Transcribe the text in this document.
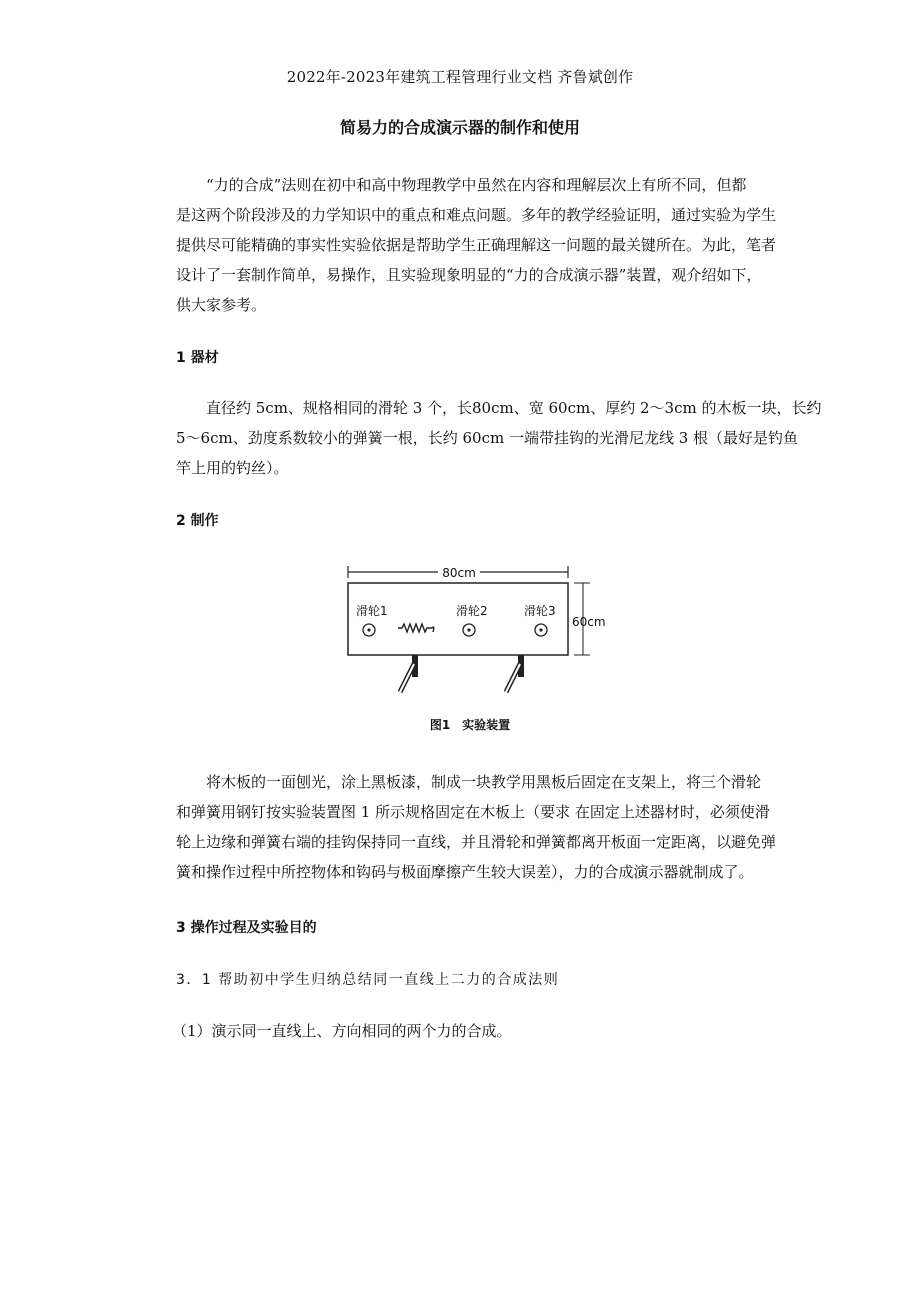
2022年-2023年建筑工程管理行业文档 齐鲁斌创作
简易力的合成演示器的制作和使用
“力的合成”法则在初中和高中物理教学中虽然在内容和理解层次上有所不同，但都
是这两个阶段涉及的力学知识中的重点和难点问题。多年的教学经验证明，通过实验为学生
提供尽可能精确的事实性实验依据是帮助学生正确理解这一问题的最关键所在。为此，笔者
设计了一套制作简单，易操作，且实验现象明显的“力的合成演示器”装置，观介绍如下，
供大家参考。
1 器材
直径约 5cm、规格相同的滑轮 3 个，长80cm、宽 60cm、厚约 2～3cm 的木板一块，长约
5～6cm、劲度系数较小的弹簧一根，长约 60cm 一端带挂钩的光滑尼龙线 3 根（最好是钓鱼
竿上用的钓丝）。
2 制作
80cm
60cm
滑轮1	滑轮2	滑轮3
图1　实验装置
将木板的一面刨光，涂上黑板漆，制成一块教学用黑板后固定在支架上，将三个滑轮
和弹簧用钢钉按实验装置图 1 所示规格固定在木板上（要求 在固定上述器材时，必须使滑
轮上边缘和弹簧右端的挂钩保持同一直线，并且滑轮和弹簧都离开板面一定距离，以避免弹
簧和操作过程中所控物体和钩码与极面摩擦产生较大误差），力的合成演示器就制成了。
3 操作过程及实验目的
3．1 帮助初中学生归纳总结同一直线上二力的合成法则
（1）演示同一直线上、方向相同的两个力的合成。
